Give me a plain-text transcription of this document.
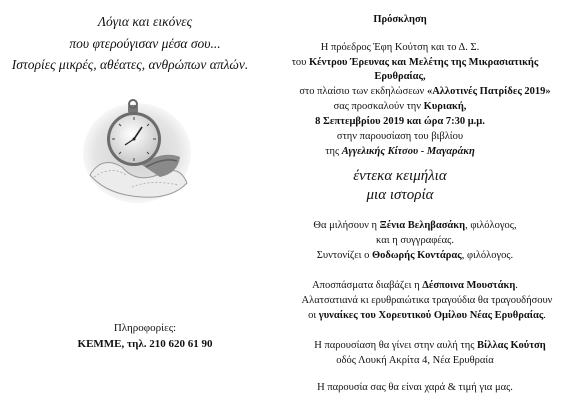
Λόγια και εικόνες
που φτερούγισαν μέσα σου...
Ιστορίες μικρές, αθέατες, ανθρώπων απλών.
Πληροφορίες:
ΚΕΜΜΕ, τηλ. 210 620 61 90
Πρόσκληση
Η πρόεδρος Έφη Κούτση και το Δ. Σ.
του Κέντρου Έρευνας και Μελέτης της Μικρασιατικής
Ερυθραίας,
στο πλαίσιο των εκδηλώσεων «Αλλοτινές Πατρίδες 2019»
σας προσκαλούν την Κυριακή,
8 Σεπτεμβρίου 2019 και ώρα 7:30 μ.μ.
στην παρουσίαση του βιβλίου
της Αγγελικής Κίτσου - Μαγαράκη
έντεκα κειμήλια
μια ιστορία
Θα μιλήσουν η Ξένια Βεληβασάκη, φιλόλογος,
και η συγγραφέας.
Συντονίζει ο Θοδωρής Κοντάρας, φιλόλογος.
Αποσπάσματα διαβάζει η Δέσποινα Μουστάκη.
Αλατσατιανά κι ερυθραιώτικα τραγούδια θα τραγουδήσουν
οι γυναίκες του Χορευτικού Ομίλου Νέας Ερυθραίας.
Η παρουσίαση θα γίνει στην αυλή της Βίλλας Κούτση
οδός Λουκή Ακρίτα 4, Νέα Ερυθραία
Η παρουσία σας θα είναι χαρά & τιμή για μας.
